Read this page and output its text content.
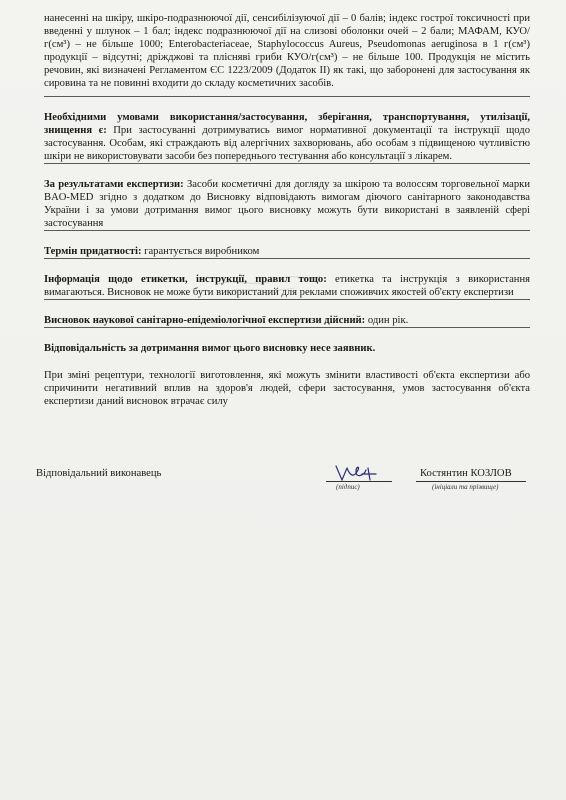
нанесенні на шкіру, шкіро-подразнюючої дії, сенсибілізуючої дії – 0 балів; індекс гострої токсичності при введенні у шлунок – 1 бал; індекс подразнюючої дії на слизові оболонки очей – 2 бали; МАФАМ, КУО/г(см³) – не більше 1000; Enterobacteriaceae, Staphylococcus Aureus, Pseudomonas aeruginosa в 1 г(см³) продукції – відсутні; дріжджові та плісняві гриби КУО/г(см³) – не більше 100. Продукція не містить речовин, які визначені Регламентом ЄС 1223/2009 (Додаток II) як такі, що заборонені для застосування як сировина та не повинні входити до складу косметичних засобів.

Необхідними умовами використання/застосування, зберігання, транспортування, утилізації, знищення є: При застосуванні дотримуватись вимог нормативної документації та інструкції щодо застосування. Особам, які страждають від алергічних захворювань, або особам з підвищеною чутливістю шкіри не використовувати засоби без попереднього тестування або консультації з лікарем.

За результатами експертизи: Засоби косметичні для догляду за шкірою та волоссям торговельної марки BAO-MED згідно з додатком до Висновку відповідають вимогам діючого санітарного законодавства України і за умови дотримання вимог цього висновку можуть бути використані в заявленій сфері застосування

Термін придатності: гарантується виробником

Інформація щодо етикетки, інструкції, правил тощо: етикетка та інструкція з використання вимагаються. Висновок не може бути використаний для реклами споживчих якостей об'єкту експертизи

Висновок наукової санітарно-епідеміологічної експертизи дійсний: один рік.

Відповідальність за дотримання вимог цього висновку несе заявник.

При зміні рецептури, технології виготовлення, які можуть змінити властивості об'єкта експертизи або спричинити негативний вплив на здоров'я людей, сфери застосування, умов застосування об'єкта експертизи даний висновок втрачає силу

Відповідальний виконавець
(підпис)
Костянтин КОЗЛОВ
(ініціали та прізвище)
